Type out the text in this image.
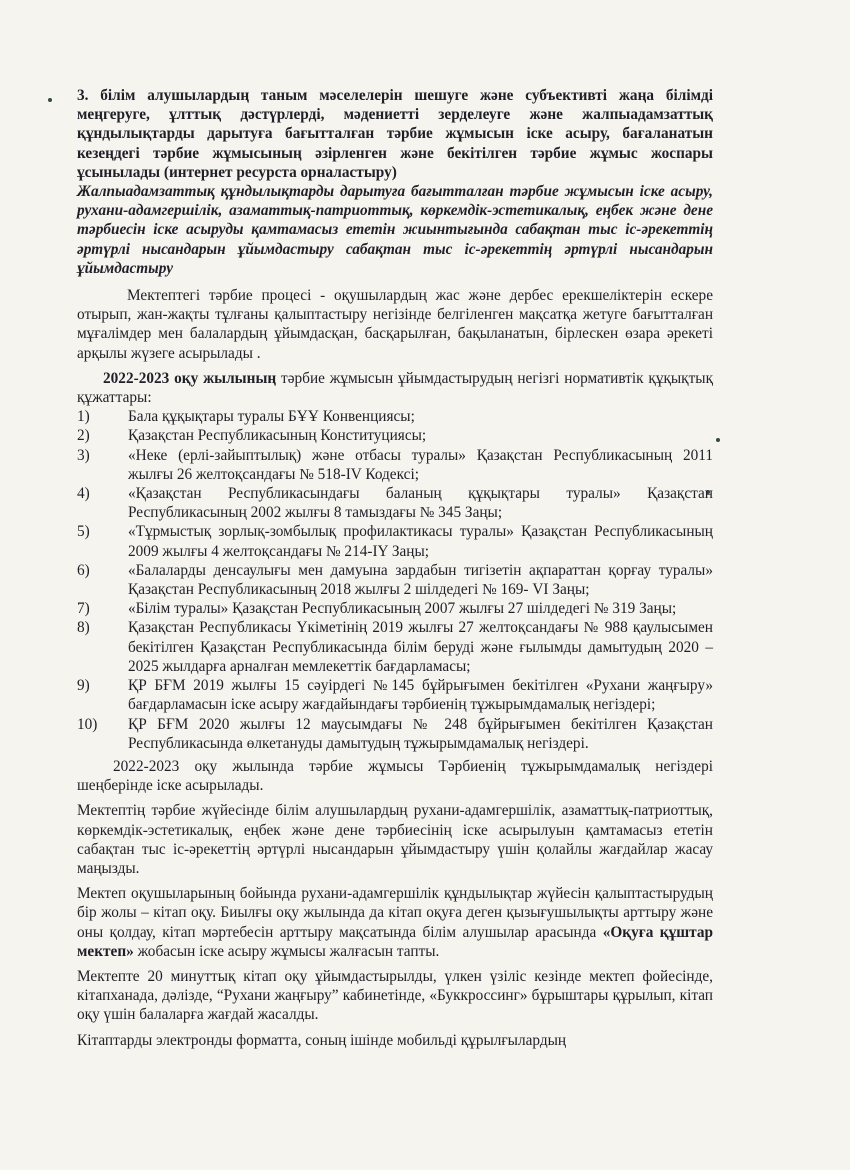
3. білім алушылардың таным мәселелерін шешуге және субъективті жаңа білімді меңгеруге, ұлттық дәстүрлерді, мәдениетті зерделеуге және жалпыадамзаттық құндылықтарды дарытуға бағытталған тәрбие жұмысын іске асыру, бағаланатын кезеңдегі тәрбие жұмысының әзірленген және бекітілген тәрбие жұмыс жоспары ұсынылады (интернет ресурста орналастыру)

Жалпыадамзаттық құндылықтарды дарытуға бағытталған тәрбие жұмысын іске асыру, рухани-адамгершілік, азаматтық-патриоттық, көркемдік-эстетикалық, еңбек және дене тәрбиесін іске асыруды қамтамасыз ететін жиынтығында сабақтан тыс іс-әрекеттің әртүрлі нысандарын ұйымдастыру сабақтан тыс іс-әрекеттің әртүрлі нысандарын ұйымдастыру

Мектептегі тәрбие процесі - оқушылардың жас және дербес ерекшеліктерін ескере отырып, жан-жақты тұлғаны қалыптастыру негізінде белгіленген мақсатқа жетуге бағытталған мұғалімдер мен балалардың ұйымдасқан, басқарылған, бақыланатын, бірлескен өзара әрекеті арқылы жүзеге асырылады .

2022-2023 оқу жылының тәрбие жұмысын ұйымдастырудың негізгі нормативтік құқықтық құжаттары:

1)	Бала құқықтары туралы БҰҰ Конвенциясы;
2)	Қазақстан Республикасының Конституциясы;
3)	«Неке (ерлі-зайыптылық) және отбасы туралы» Қазақстан Республикасының 2011 жылғы 26 желтоқсандағы № 518-IV Кодексі;
4)	«Қазақстан Республикасындағы баланың құқықтары туралы» Қазақстан Республикасының 2002 жылғы 8 тамыздағы № 345 Заңы;
5)	«Тұрмыстық зорлық-зомбылық профилактикасы туралы» Қазақстан Республикасының 2009 жылғы 4 желтоқсандағы № 214-IY Заңы;
6)	«Балаларды денсаулығы мен дамуына зардабын тигізетін ақпараттан қорғау туралы» Қазақстан Республикасының 2018 жылғы 2 шілдедегі № 169- VI Заңы;
7)	«Білім туралы» Қазақстан Республикасының 2007 жылғы 27 шілдедегі № 319 Заңы;
8)	Қазақстан Республикасы Үкіметінің 2019 жылғы 27 желтоқсандағы № 988 қаулысымен бекітілген Қазақстан Республикасында білім беруді және ғылымды дамытудың 2020 – 2025 жылдарға арналған мемлекеттік бағдарламасы;
9)	ҚР БҒМ 2019 жылғы 15 сәуірдегі №145 бұйрығымен бекітілген «Рухани жаңғыру» бағдарламасын іске асыру жағдайындағы тәрбиенің тұжырымдамалық негіздері;
10)	ҚР БҒМ 2020 жылғы 12 маусымдағы № 248 бұйрығымен бекітілген Қазақстан Республикасында өлкетануды дамытудың тұжырымдамалық негіздері.

2022-2023 оқу жылында тәрбие жұмысы Тәрбиенің тұжырымдамалық негіздері шеңберінде іске асырылады.

Мектептің тәрбие жүйесінде білім алушылардың рухани-адамгершілік, азаматтық-патриоттық, көркемдік-эстетикалық, еңбек және дене тәрбиесінің іске асырылуын қамтамасыз ететін сабақтан тыс іс-әрекеттің әртүрлі нысандарын ұйымдастыру үшін қолайлы жағдайлар жасау маңызды.

Мектеп оқушыларының бойында рухани-адамгершілік құндылықтар жүйесін қалыптастырудың бір жолы – кітап оқу. Биылғы оқу жылында да кітап оқуға деген қызығушылықты арттыру және оны қолдау, кітап мәртебесін арттыру мақсатында білім алушылар арасында «Оқуға құштар мектеп» жобасын іске асыру жұмысы жалғасын тапты.

Мектепте 20 минуттық кітап оқу ұйымдастырылды, үлкен үзіліс кезінде мектеп фойесінде, кітапханада, дәлізде, “Рухани жаңғыру” кабинетінде, «Буккроссинг» бұрыштары құрылып, кітап оқу үшін балаларға жағдай жасалды.

Кітаптарды электронды форматта, соның ішінде мобильді құрылғылардың
